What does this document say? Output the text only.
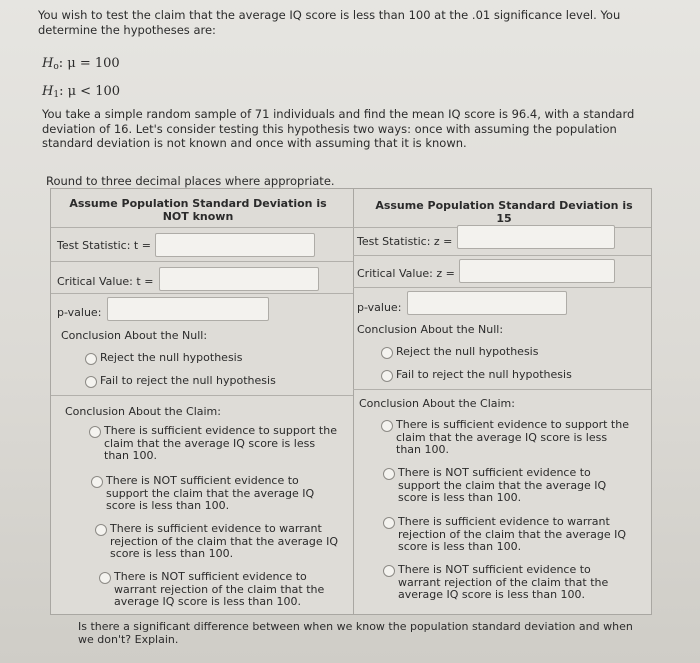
You wish to test the claim that the average IQ score is less than 100 at the .01 significance level. You determine the hypotheses are:
$H_o$: μ = 100
$H_1$: μ < 100
You take a simple random sample of 71 individuals and find the mean IQ score is 96.4, with a standard deviation of 16. Let's consider testing this hypothesis two ways: once with assuming the population standard deviation is not known and once with assuming that it is known.
Round to three decimal places where appropriate.
Assume Population Standard Deviation is NOT known
Assume Population Standard Deviation is 15
Test Statistic: t =
Critical Value: t =
p-value:
Conclusion About the Null:
Reject the null hypothesis
Fail to reject the null hypothesis
Conclusion About the Claim:
There is sufficient evidence to support the claim that the average IQ score is less than 100.
There is NOT sufficient evidence to support the claim that the average IQ score is less than 100.
There is sufficient evidence to warrant rejection of the claim that the average IQ score is less than 100.
There is NOT sufficient evidence to warrant rejection of the claim that the average IQ score is less than 100.
Test Statistic: z =
Critical Value: z =
p-value:
Conclusion About the Null:
Reject the null hypothesis
Fail to reject the null hypothesis
Conclusion About the Claim:
There is sufficient evidence to support the claim that the average IQ score is less than 100.
There is NOT sufficient evidence to support the claim that the average IQ score is less than 100.
There is sufficient evidence to warrant rejection of the claim that the average IQ score is less than 100.
There is NOT sufficient evidence to warrant rejection of the claim that the average IQ score is less than 100.
Is there a significant difference between when we know the population standard deviation and when we don't? Explain.
